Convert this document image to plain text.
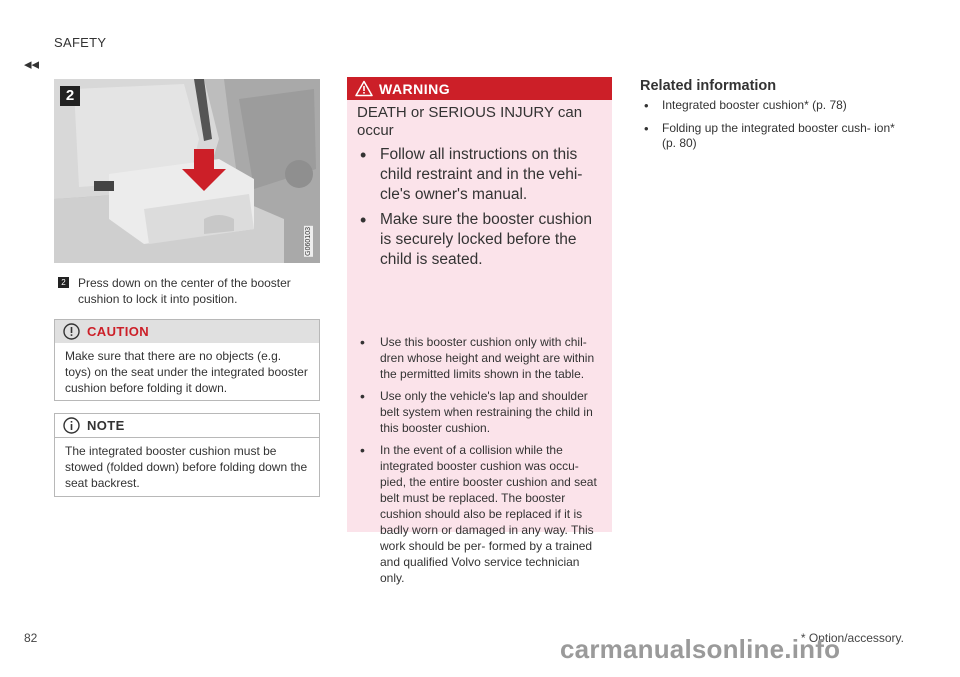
SAFETY
◂◂
2
G060103
2 Press down on the center of the booster cushion to lock it into position.
CAUTION
Make sure that there are no objects (e.g. toys) on the seat under the integrated booster cushion before folding it down.
NOTE
The integrated booster cushion must be stowed (folded down) before folding down the seat backrest.
WARNING
DEATH or SERIOUS INJURY can occur
• Follow all instructions on this child restraint and in the vehi- cle's owner's manual.
• Make sure the booster cushion is securely locked before the child is seated.
• Use this booster cushion only with chil- dren whose height and weight are within the permitted limits shown in the table.
• Use only the vehicle's lap and shoulder belt system when restraining the child in this booster cushion.
• In the event of a collision while the integrated booster cushion was occu- pied, the entire booster cushion and seat belt must be replaced. The booster cushion should also be replaced if it is badly worn or damaged in any way. This work should be per- formed by a trained and qualified Volvo service technician only.
Related information
• Integrated booster cushion* (p. 78)
• Folding up the integrated booster cush- ion* (p. 80)
82	* Option/accessory.
carmanualsonline.info
